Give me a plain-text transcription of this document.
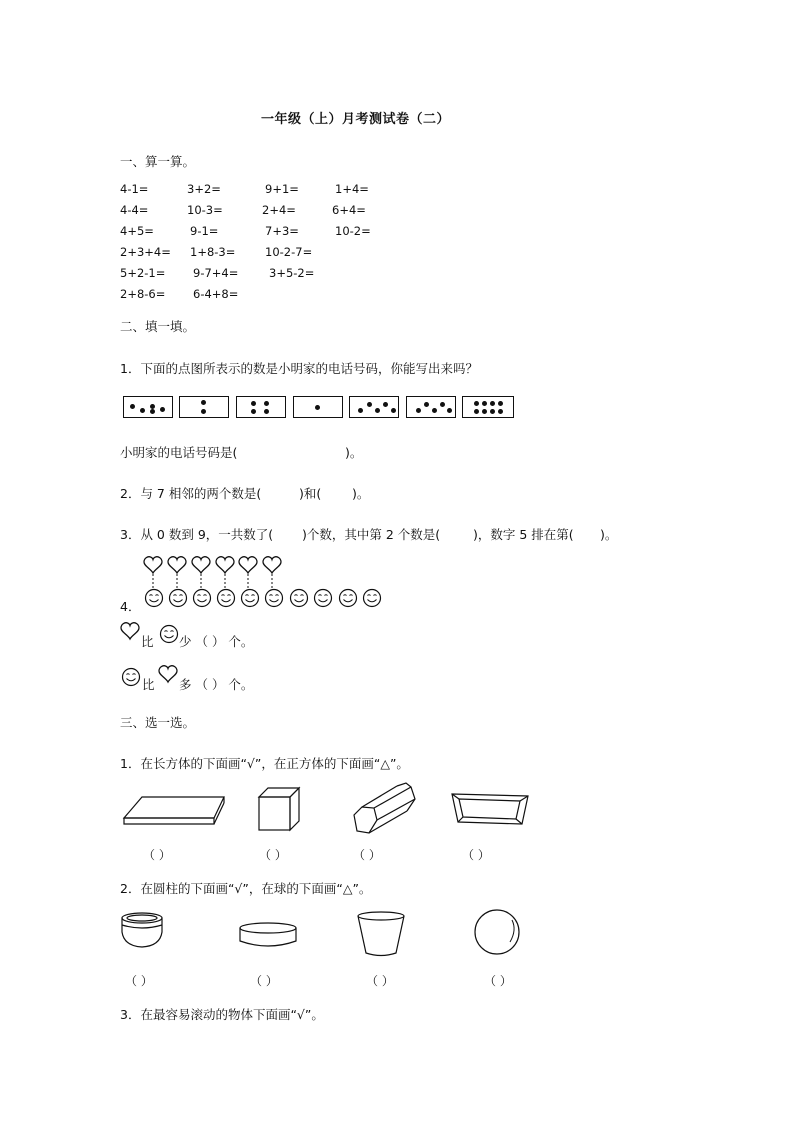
一年级（上）月考测试卷（二）
一、算一算。
4-1=	3+2=	9+1=	1+4=
4-4=	10-3=	2+4=	6+4=
4+5=	9-1=	7+3=	10-2=
2+3+4= 1+8-3=	10-2-7=
5+2-1= 9-7+4=	3+5-2=
2+8-6= 6-4+8=
二、填一填。
1．下面的点图所表示的数是小明家的电话号码，你能写出来吗？
小明家的电话号码是(	)。
2．与 7 相邻的两个数是(	)和( )。
3．从 0 数到 9，一共数了( )个数，其中第 2 个数是(	)，数字 5 排在第( )。
4．
比 少 （ ） 个。
比 多 （ ） 个。
三、选一选。
1．在长方体的下面画“√”，在正方体的下面画“△”。
（ ）	（ ）	（ ）	（ ）
2．在圆柱的下面画“√”，在球的下面画“△”。
（ ）	（ ）	（ ）	（ ）
3．在最容易滚动的物体下面画“√”。
